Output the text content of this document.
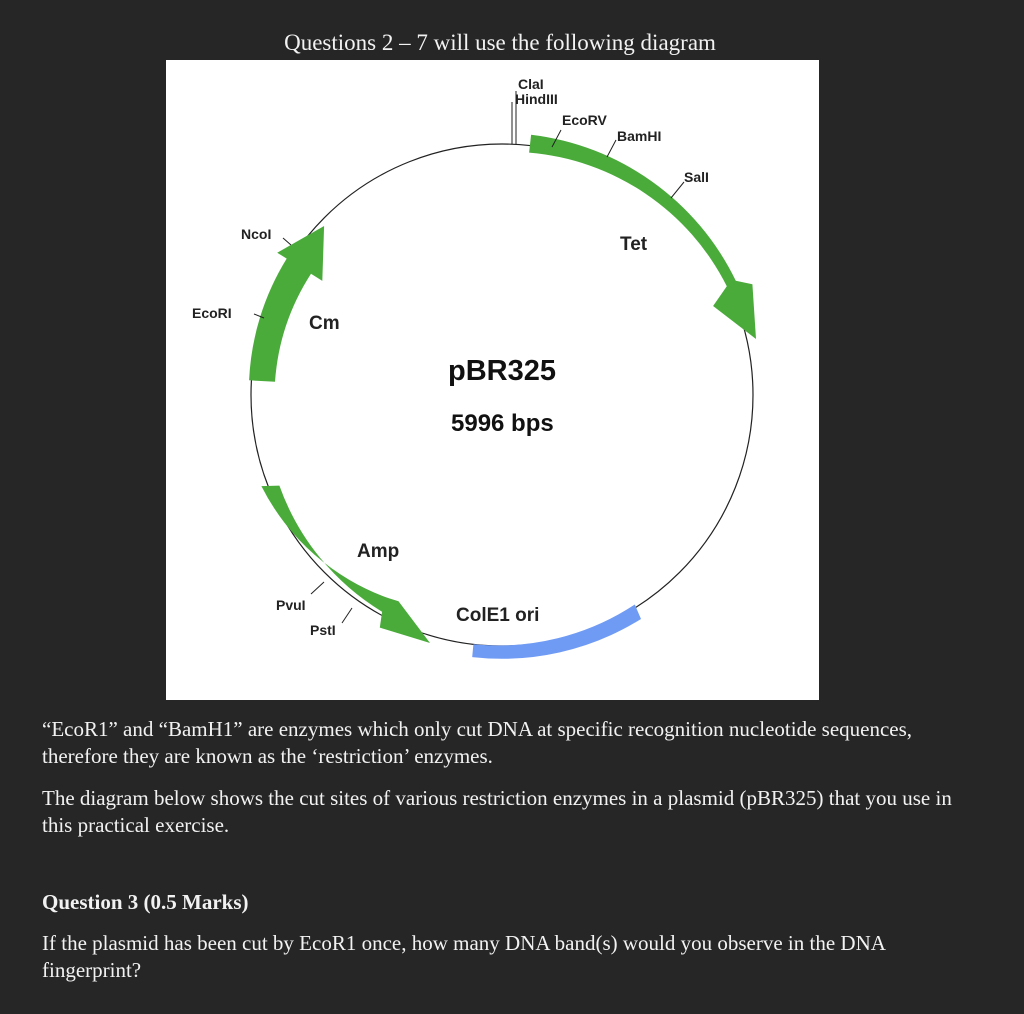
Questions 2 – 7 will use the following diagram
ClaI
HindIII
EcoRV
BamHI
SalI
NcoI
EcoRI
PvuI
PstI
Tet
Cm
Amp
ColE1 ori
pBR325
5996 bps

“EcoR1” and “BamH1” are enzymes which only cut DNA at specific recognition nucleotide sequences, therefore they are known as the ‘restriction’ enzymes.

The diagram below shows the cut sites of various restriction enzymes in a plasmid (pBR325) that you use in this practical exercise.

Question 3 (0.5 Marks)

If the plasmid has been cut by EcoR1 once, how many DNA band(s) would you observe in the DNA fingerprint?
